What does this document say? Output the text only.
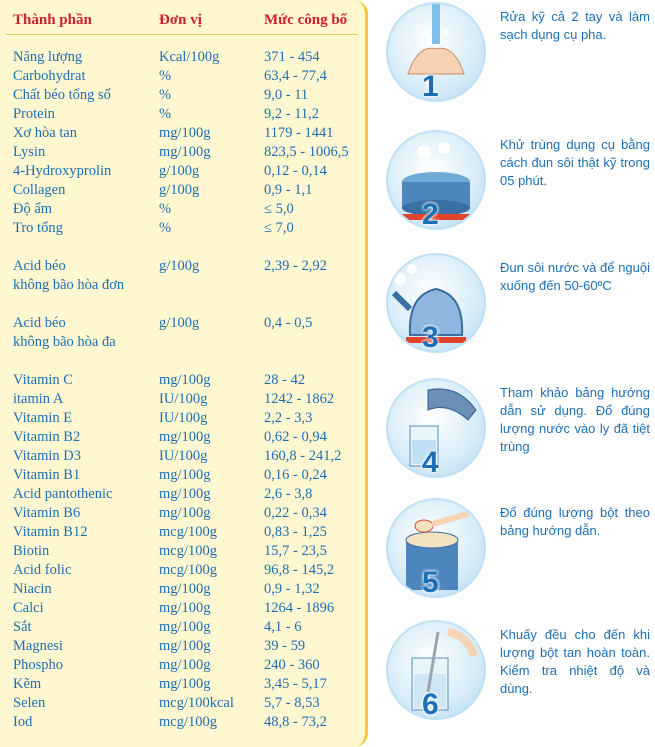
Thành phần	Đơn vị	Mức công bố
Năng lượng	Kcal/100g	371 - 454
Carbohydrat	%	63,4 - 77,4
Chất béo tổng số	%	9,0 - 11
Protein	%	9,2 - 11,2
Xơ hòa tan	mg/100g	1179 - 1441
Lysin	mg/100g	823,5 - 1006,5
4-Hydroxyprolin	g/100g	0,12 - 0,14
Collagen	g/100g	0,9 - 1,1
Độ ẩm	%	≤ 5,0
Tro tổng	%	≤ 7,0
Acid béo	g/100g	2,39 - 2,92
không bão hòa đơn
Acid béo	g/100g	0,4 - 0,5
không bão hòa đa
Vitamin C	mg/100g	28 - 42
itamin A	IU/100g	1242 - 1862
Vitamin E	IU/100g	2,2 - 3,3
Vitamin B2	mg/100g	0,62 - 0,94
Vitamin D3	IU/100g	160,8 - 241,2
Vitamin B1	mg/100g	0,16 - 0,24
Acid pantothenic	mg/100g	2,6 - 3,8
Vitamin B6	mg/100g	0,22 - 0,34
Vitamin B12	mcg/100g	0,83 - 1,25
Biotin	mcg/100g	15,7 - 23,5
Acid folic	mcg/100g	96,8 - 145,2
Niacin	mg/100g	0,9 - 1,32
Calci	mg/100g	1264 - 1896
Sắt	mg/100g	4,1 - 6
Magnesi	mg/100g	39 - 59
Phospho	mg/100g	240 - 360
Kẽm	mg/100g	3,45 - 5,17
Selen	mcg/100kcal 5,7 - 8,53
Iod	mcg/100g	48,8 - 73,2
1
Rửa kỹ cả 2 tay và làm sạch dụng cụ pha.
2
Khử trùng dụng cụ bằng cách đun sôi thật kỹ trong 05 phút.
3
Đun sôi nước và để nguội xuống đến 50-60ºC
4
Tham khảo bảng hướng dẫn sử dụng. Đổ đúng lượng nước vào ly đã tiệt trùng
5
Đổ đúng lượng bột theo bảng hướng dẫn.
6
Khuấy đều cho đến khi lượng bột tan hoàn toàn. Kiểm tra nhiệt độ và dùng.
